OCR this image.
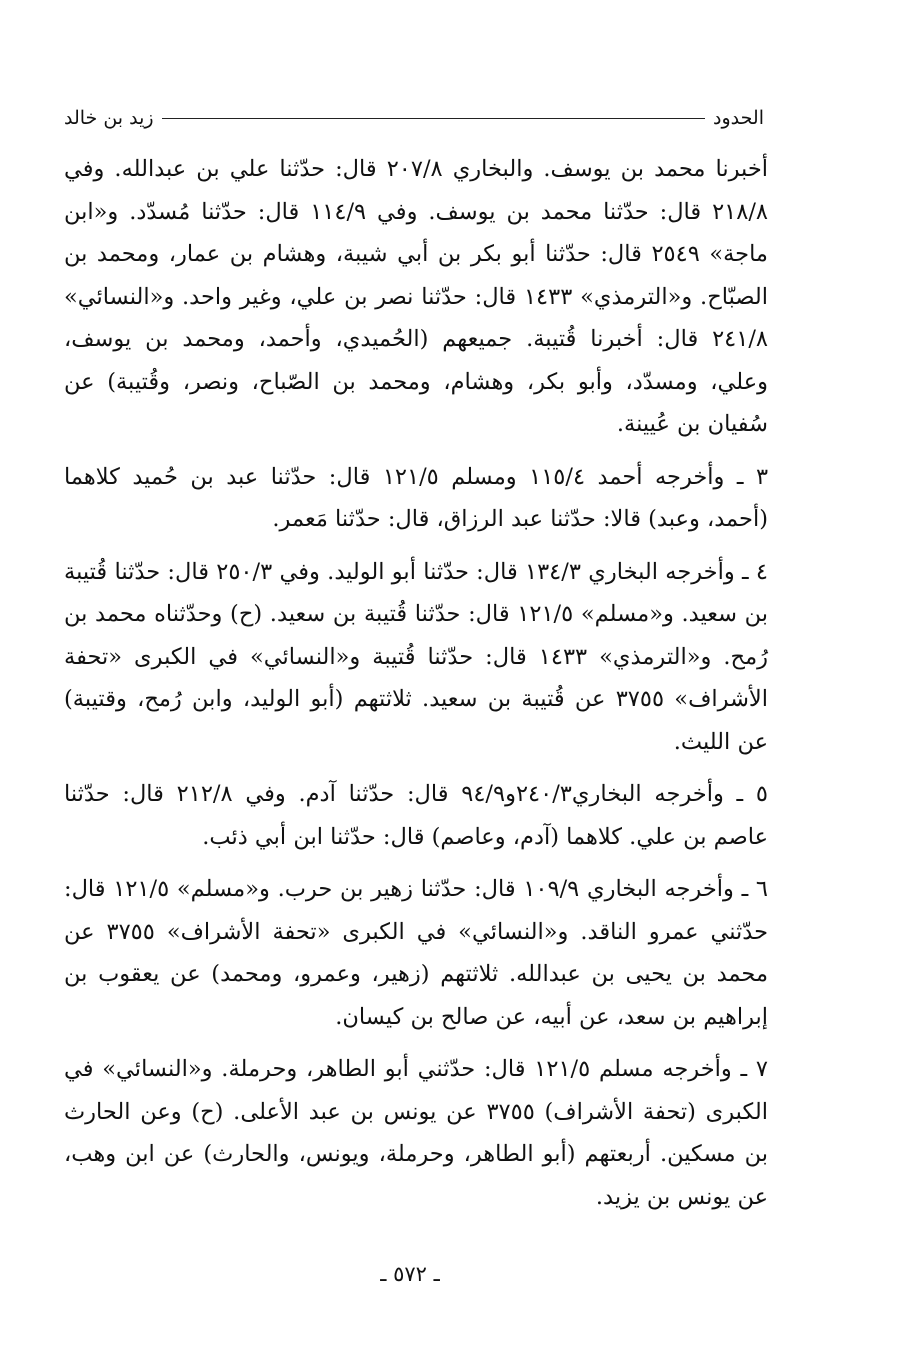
الحدود
زيد بن خالد

أخبرنا محمد بن يوسف. والبخاري ٢٠٧/٨ قال: حدّثنا علي بن عبدالله. وفي ٢١٨/٨ قال: حدّثنا محمد بن يوسف. وفي ١١٤/٩ قال: حدّثنا مُسدّد. و«ابن ماجة» ٢٥٤٩ قال: حدّثنا أبو بكر بن أبي شيبة، وهشام بن عمار، ومحمد بن الصبّاح. و«الترمذي» ١٤٣٣ قال: حدّثنا نصر بن علي، وغير واحد. و«النسائي» ٢٤١/٨ قال: أخبرنا قُتيبة. جميعهم (الحُميدي، وأحمد، ومحمد بن يوسف، وعلي، ومسدّد، وأبو بكر، وهشام، ومحمد بن الصّباح، ونصر، وقُتيبة) عن سُفيان بن عُيينة.

٣ ـ وأخرجه أحمد ١١٥/٤ ومسلم ١٢١/٥ قال: حدّثنا عبد بن حُميد كلاهما (أحمد، وعبد) قالا: حدّثنا عبد الرزاق، قال: حدّثنا مَعمر.

٤ ـ وأخرجه البخاري ١٣٤/٣ قال: حدّثنا أبو الوليد. وفي ٢٥٠/٣ قال: حدّثنا قُتيبة بن سعيد. و«مسلم» ١٢١/٥ قال: حدّثنا قُتيبة بن سعيد. (ح) وحدّثناه محمد بن رُمح. و«الترمذي» ١٤٣٣ قال: حدّثنا قُتيبة و«النسائي» في الكبرى «تحفة الأشراف» ٣٧٥٥ عن قُتيبة بن سعيد. ثلاثتهم (أبو الوليد، وابن رُمح، وقتيبة) عن الليث.

٥ ـ وأخرجه البخاري٢٤٠/٣و٩٤/٩ قال: حدّثنا آدم. وفي ٢١٢/٨ قال: حدّثنا عاصم بن علي. كلاهما (آدم، وعاصم) قال: حدّثنا ابن أبي ذئب.

٦ ـ وأخرجه البخاري ١٠٩/٩ قال: حدّثنا زهير بن حرب. و«مسلم» ١٢١/٥ قال: حدّثني عمرو الناقد. و«النسائي» في الكبرى «تحفة الأشراف» ٣٧٥٥ عن محمد بن يحيى بن عبدالله. ثلاثتهم (زهير، وعمرو، ومحمد) عن يعقوب بن إبراهيم بن سعد، عن أبيه، عن صالح بن كيسان.

٧ ـ وأخرجه مسلم ١٢١/٥ قال: حدّثني أبو الطاهر، وحرملة. و«النسائي» في الكبرى (تحفة الأشراف) ٣٧٥٥ عن يونس بن عبد الأعلى. (ح) وعن الحارث بن مسكين. أربعتهم (أبو الطاهر، وحرملة، ويونس، والحارث) عن ابن وهب، عن يونس بن يزيد.

ـ ٥٧٢ ـ
